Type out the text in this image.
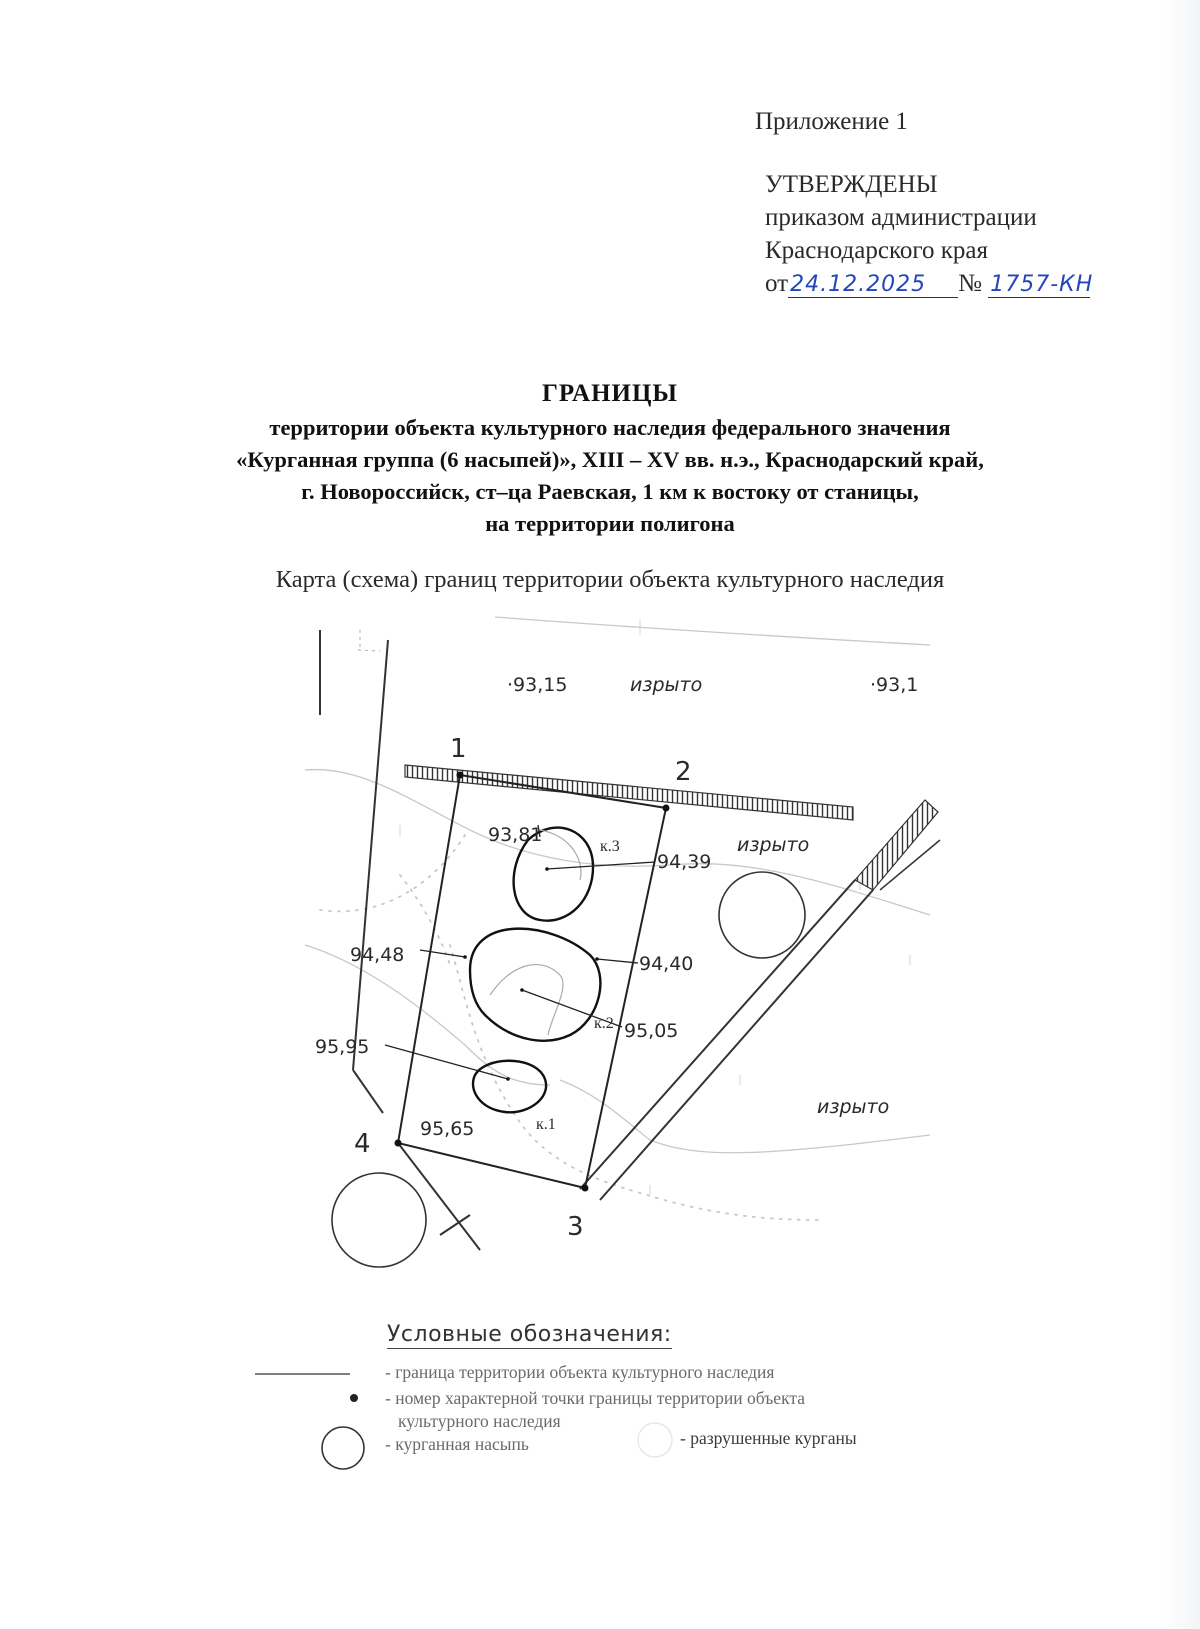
Приложение 1
УТВЕРЖДЕНЫ
приказом администрации
Краснодарского края
от24.12.2025 № 1757-КН
ГРАНИЦЫ
территории объекта культурного наследия федерального значения
«Курганная группа (6 насыпей)», XIII – XV вв. н.э., Краснодарский край,
г. Новороссийск, ст–ца Раевская, 1 км к востоку от станицы,
на территории полигона
Карта (схема) границ территории объекта культурного наследия
·93,15	·93,1
93,81
94,39
94,48	94,40
95,05
95,95
95,65
изрыто
изрыто
изрыто
1
2
3
4
к.1
к.2
к.3
Условные обозначения:
- граница территории объекта культурного наследия
- номер характерной точки границы территории объекта
культурного наследия
- курганная насыпь	- разрушенные курганы
